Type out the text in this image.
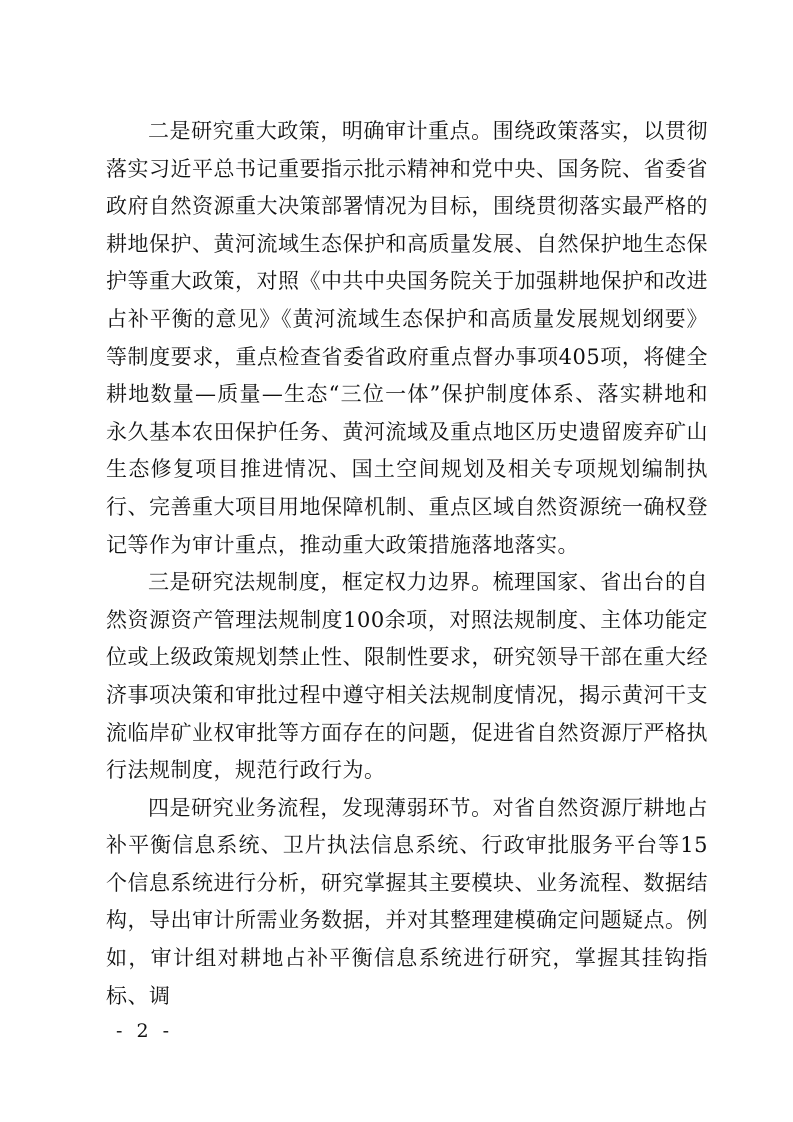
二是研究重大政策，明确审计重点。围绕政策落实，以贯彻落实习近平总书记重要指示批示精神和党中央、国务院、省委省政府自然资源重大决策部署情况为目标，围绕贯彻落实最严格的耕地保护、黄河流域生态保护和高质量发展、自然保护地生态保护等重大政策，对照《中共中央国务院关于加强耕地保护和改进占补平衡的意见》《黄河流域生态保护和高质量发展规划纲要》等制度要求，重点检查省委省政府重点督办事项405项，将健全耕地数量—质量—生态“三位一体”保护制度体系、落实耕地和永久基本农田保护任务、黄河流域及重点地区历史遗留废弃矿山生态修复项目推进情况、国土空间规划及相关专项规划编制执行、完善重大项目用地保障机制、重点区域自然资源统一确权登记等作为审计重点，推动重大政策措施落地落实。

三是研究法规制度，框定权力边界。梳理国家、省出台的自然资源资产管理法规制度100余项，对照法规制度、主体功能定位或上级政策规划禁止性、限制性要求，研究领导干部在重大经济事项决策和审批过程中遵守相关法规制度情况，揭示黄河干支流临岸矿业权审批等方面存在的问题，促进省自然资源厅严格执行法规制度，规范行政行为。

四是研究业务流程，发现薄弱环节。对省自然资源厅耕地占补平衡信息系统、卫片执法信息系统、行政审批服务平台等15个信息系统进行分析，研究掌握其主要模块、业务流程、数据结构，导出审计所需业务数据，并对其整理建模确定问题疑点。例如，审计组对耕地占补平衡信息系统进行研究，掌握其挂钩指标、调

- 2 -
